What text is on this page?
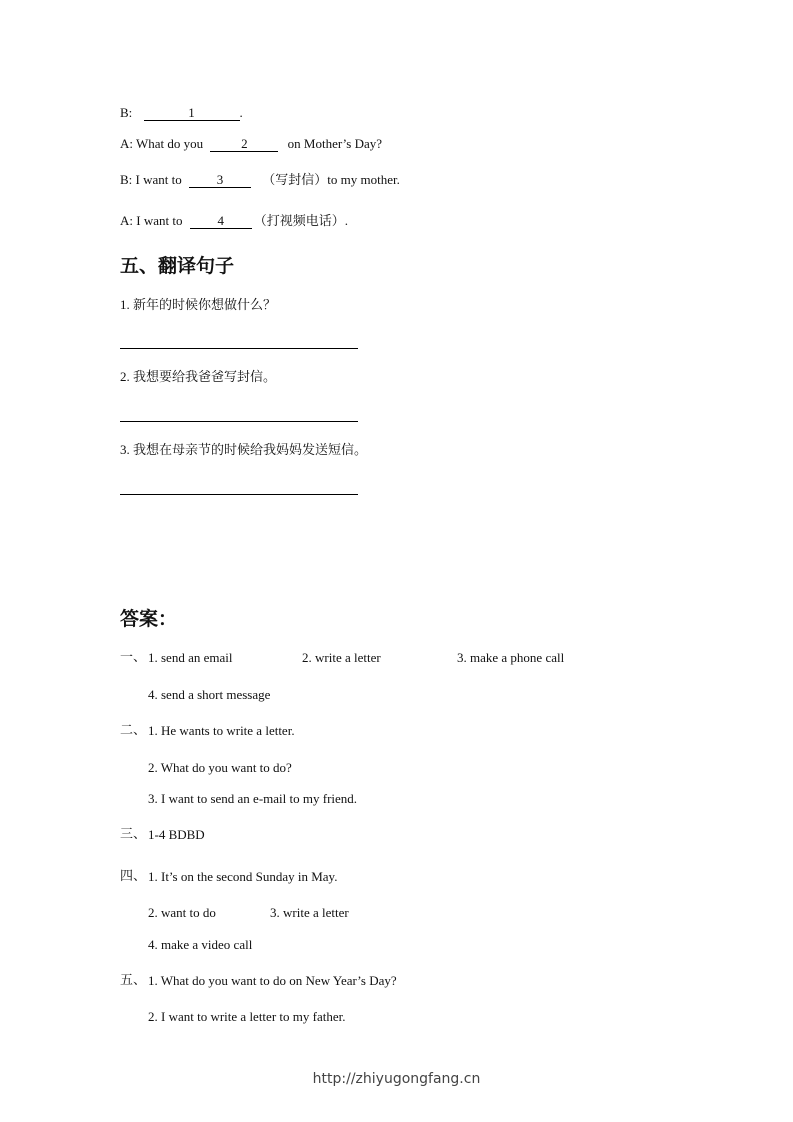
B:	1	.
A: What do you	2	on Mother’s Day?
B: I want to	3	（写封信）to my mother.
A: I want to	4 （打视频电话）.
五、翻译句子
1. 新年的时候你想做什么？
2. 我想要给我爸爸写封信。
3. 我想在母亲节的时候给我妈妈发送短信。
答案：
一、 1. send an email	2. write a letter	3. make a phone call
4. send a short message
二、 1. He wants to write a letter.
2. What do you want to do?
3. I want to send an e-mail to my friend.
三、 1-4 BDBD
四、 1. It’s on the second Sunday in May.
2. want to do	3. write a letter
4. make a video call
五、 1. What do you want to do on New Year’s Day?
2. I want to write a letter to my father.
http://zhiyugongfang.cn
